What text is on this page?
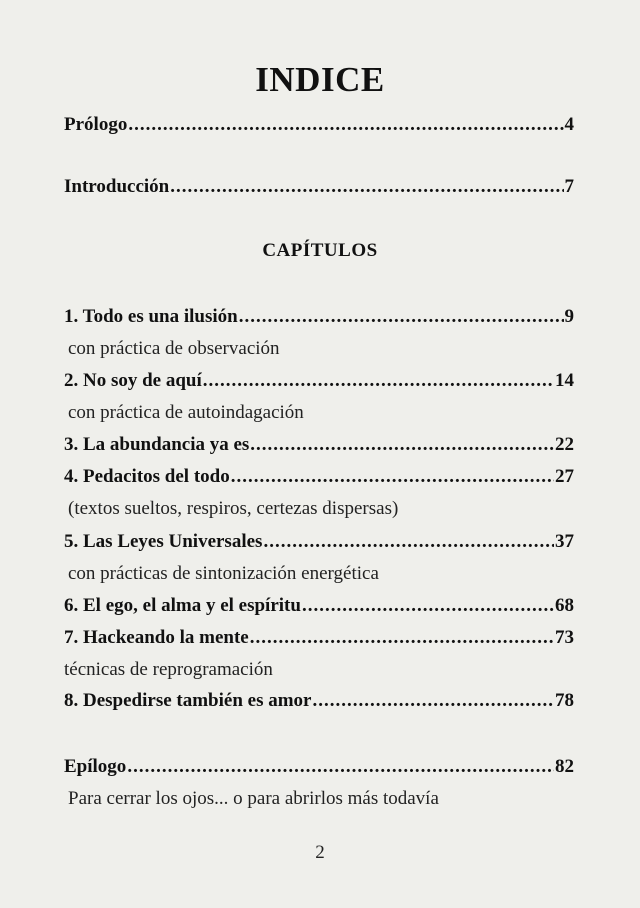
INDICE
Prólogo .....	4
Introducción .....	7
CAPÍTULOS
1. Todo es una ilusión .....	9
con práctica de observación
2. No soy de aquí .....	14
con práctica de autoindagación
3. La abundancia ya es .....	22
4. Pedacitos del todo .....	27
(textos sueltos, respiros, certezas dispersas)
5. Las Leyes Universales .....	37
con prácticas de sintonización energética
6. El ego, el alma y el espíritu .....	68
7. Hackeando la mente .....	73
técnicas de reprogramación
8. Despedirse también es amor .....	78
Epílogo .....	82
Para cerrar los ojos... o para abrirlos más todavía
2
